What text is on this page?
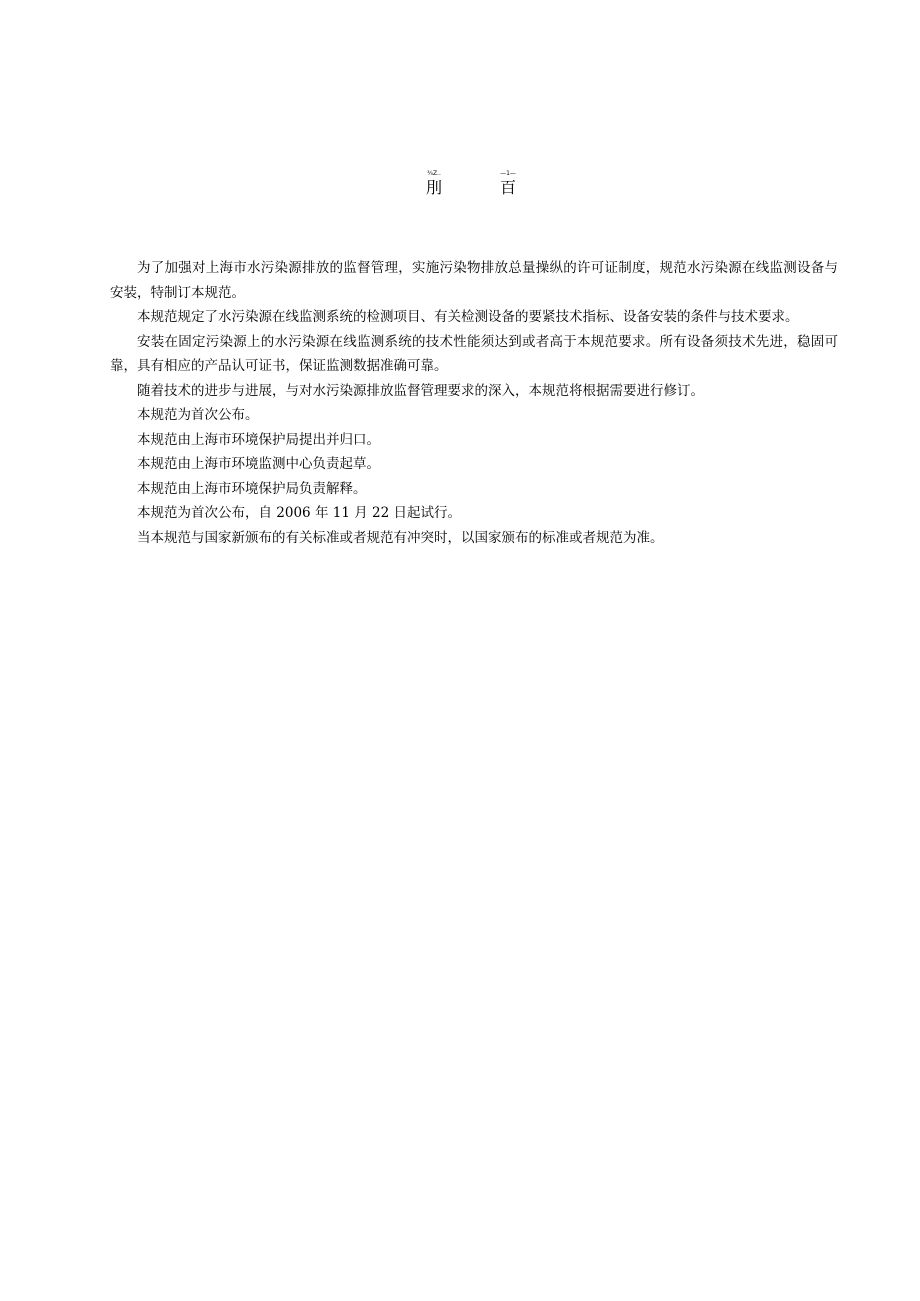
¾Z..
刖
—1—
百

为了加强对上海市水污染源排放的监督管理，实施污染物排放总量操纵的许可证制度，规范水污染源在线监测设备与安装，特制订本规范。

本规范规定了水污染源在线监测系统的检测项目、有关检测设备的要紧技术指标、设备安装的条件与技术要求。

安装在固定污染源上的水污染源在线监测系统的技术性能须达到或者高于本规范要求。所有设备须技术先进，稳固可靠，具有相应的产品认可证书，保证监测数据准确可靠。

随着技术的进步与进展，与对水污染源排放监督管理要求的深入，本规范将根据需要进行修订。

本规范为首次公布。

本规范由上海市环境保护局提出并归口。

本规范由上海市环境监测中心负责起草。

本规范由上海市环境保护局负责解释。

本规范为首次公布，自 2006 年 11 月 22 日起试行。

当本规范与国家新颁布的有关标准或者规范有冲突时，以国家颁布的标准或者规范为准。
